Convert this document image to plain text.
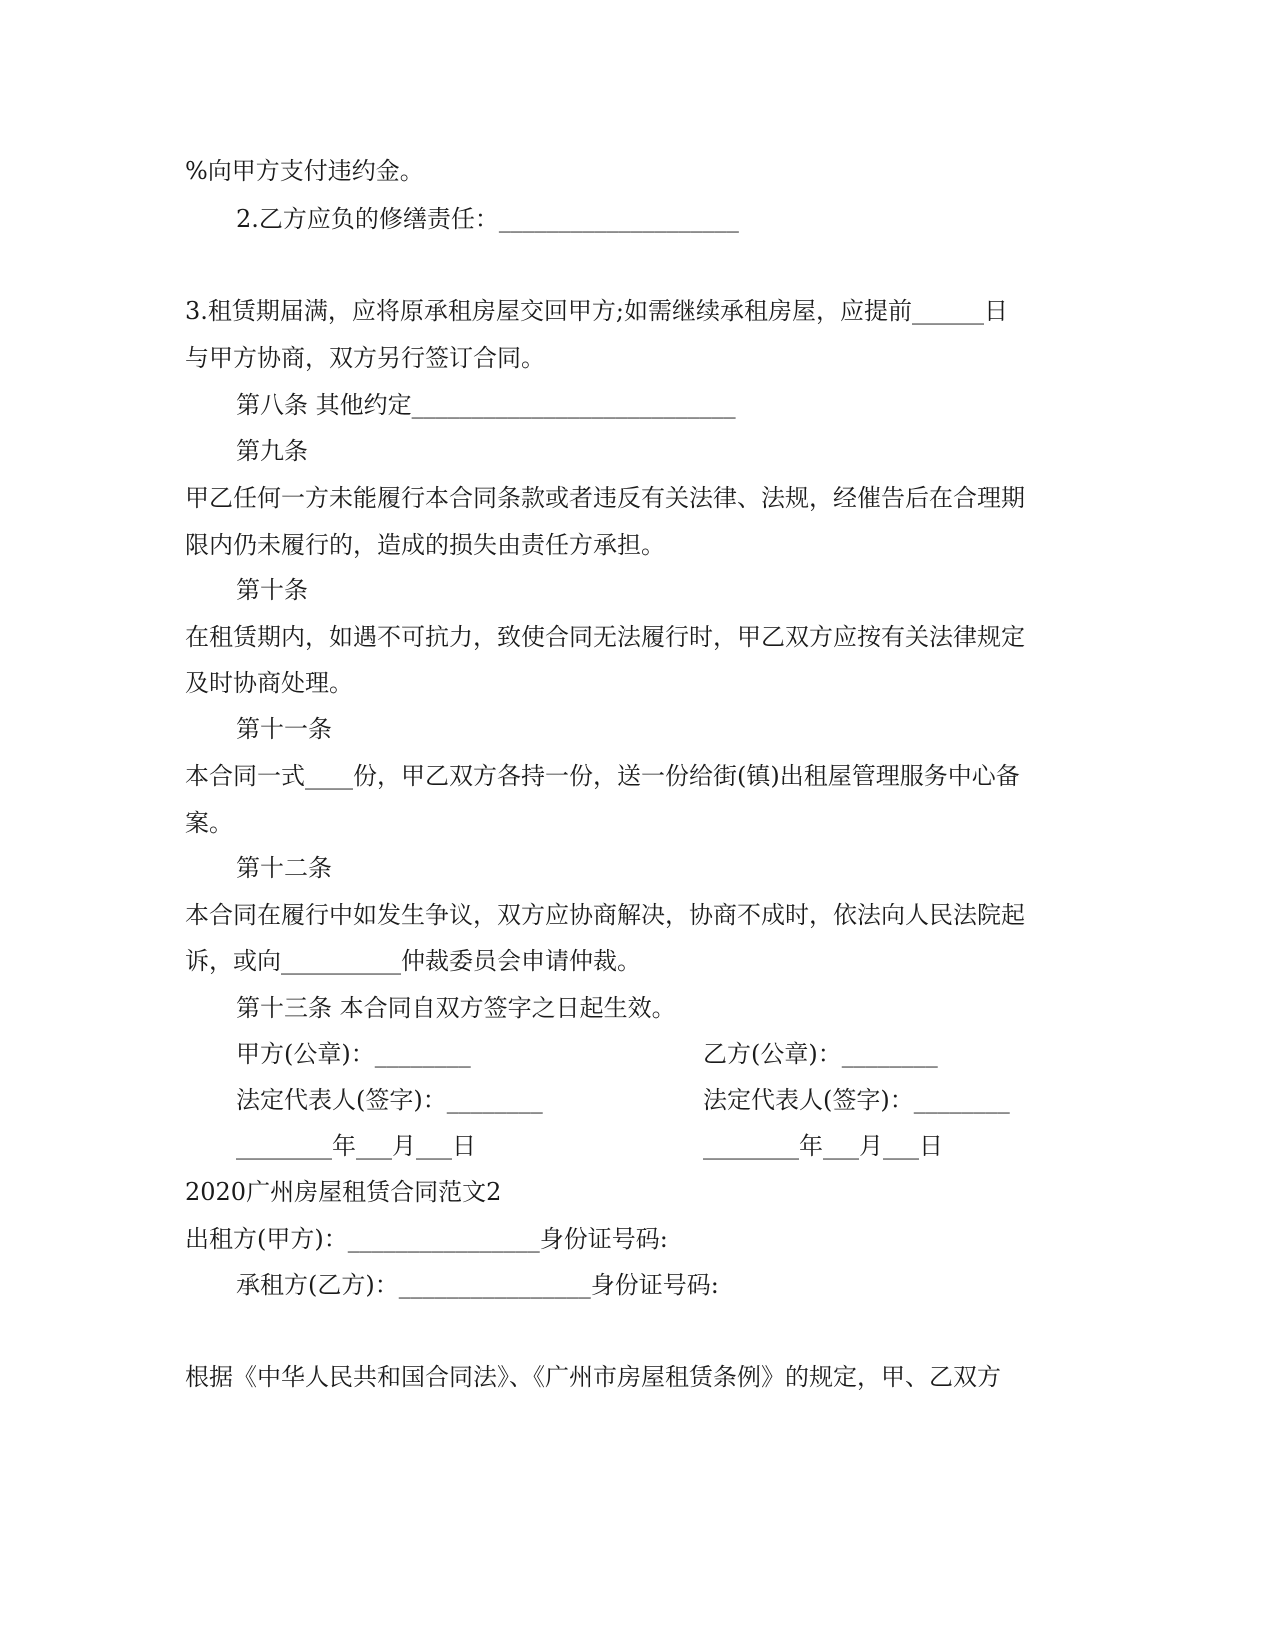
%向甲方支付违约金。
2.乙方应负的修缮责任：____________________
3.租赁期届满，应将原承租房屋交回甲方;如需继续承租房屋，应提前______日
与甲方协商，双方另行签订合同。
第八条 其他约定___________________________
第九条
甲乙任何一方未能履行本合同条款或者违反有关法律、法规，经催告后在合理期
限内仍未履行的，造成的损失由责任方承担。
第十条
在租赁期内，如遇不可抗力，致使合同无法履行时，甲乙双方应按有关法律规定
及时协商处理。
第十一条
本合同一式____份，甲乙双方各持一份，送一份给街(镇)出租屋管理服务中心备
案。
第十二条
本合同在履行中如发生争议，双方应协商解决，协商不成时，依法向人民法院起
诉，或向__________仲裁委员会申请仲裁。
第十三条 本合同自双方签字之日起生效。
甲方(公章)：________	乙方(公章)：________
法定代表人(签字)：________	法定代表人(签字)：________
________年___月___日	________年___月___日
2020广州房屋租赁合同范文2
出租方(甲方)：________________身份证号码:
承租方(乙方)：________________身份证号码:
根据《中华人民共和国合同法》、《广州市房屋租赁条例》的规定，甲、乙双方
